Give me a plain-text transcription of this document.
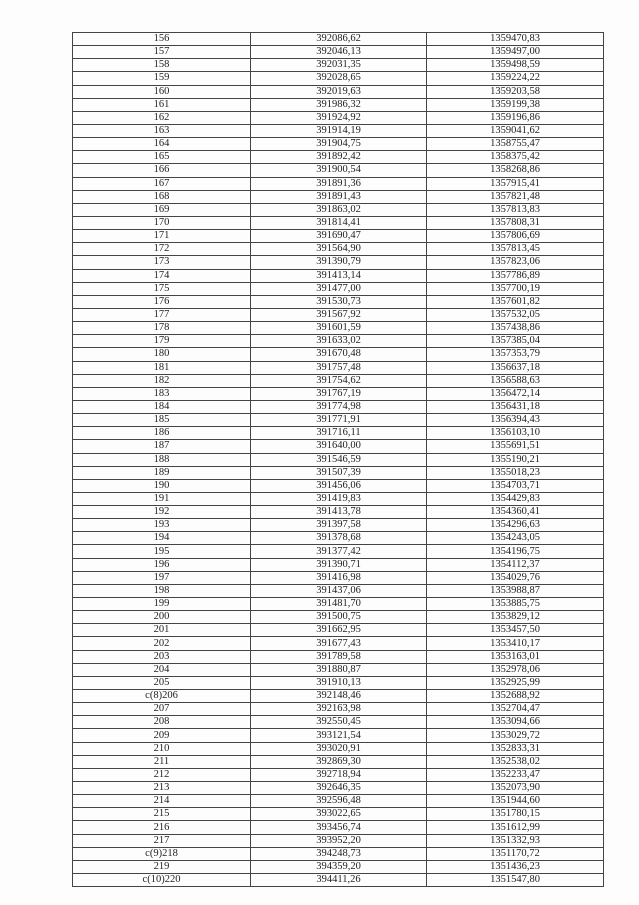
156	392086,62	1359470,83
157	392046,13	1359497,00
158	392031,35	1359498,59
159	392028,65	1359224,22
160	392019,63	1359203,58
161	391986,32	1359199,38
162	391924,92	1359196,86
163	391914,19	1359041,62
164	391904,75	1358755,47
165	391892,42	1358375,42
166	391900,54	1358268,86
167	391891,36	1357915,41
168	391891,43	1357821,48
169	391863,02	1357813,83
170	391814,41	1357808,31
171	391690,47	1357806,69
172	391564,90	1357813,45
173	391390,79	1357823,06
174	391413,14	1357786,89
175	391477,00	1357700,19
176	391530,73	1357601,82
177	391567,92	1357532,05
178	391601,59	1357438,86
179	391633,02	1357385,04
180	391670,48	1357353,79
181	391757,48	1356637,18
182	391754,62	1356588,63
183	391767,19	1356472,14
184	391774,98	1356431,18
185	391771,91	1356394,43
186	391716,11	1356103,10
187	391640,00	1355691,51
188	391546,59	1355190,21
189	391507,39	1355018,23
190	391456,06	1354703,71
191	391419,83	1354429,83
192	391413,78	1354360,41
193	391397,58	1354296,63
194	391378,68	1354243,05
195	391377,42	1354196,75
196	391390,71	1354112,37
197	391416,98	1354029,76
198	391437,06	1353988,87
199	391481,70	1353885,75
200	391500,75	1353829,12
201	391662,95	1353457,50
202	391677,43	1353410,17
203	391789,58	1353163,01
204	391880,87	1352978,06
205	391910,13	1352925,99
c(8)206	392148,46	1352688,92
207	392163,98	1352704,47
208	392550,45	1353094,66
209	393121,54	1353029,72
210	393020,91	1352833,31
211	392869,30	1352538,02
212	392718,94	1352233,47
213	392646,35	1352073,90
214	392596,48	1351944,60
215	393022,65	1351780,15
216	393456,74	1351612,99
217	393952,20	1351332,93
c(9)218	394248,73	1351170,72
219	394359,20	1351436,23
c(10)220	394411,26	1351547,80
